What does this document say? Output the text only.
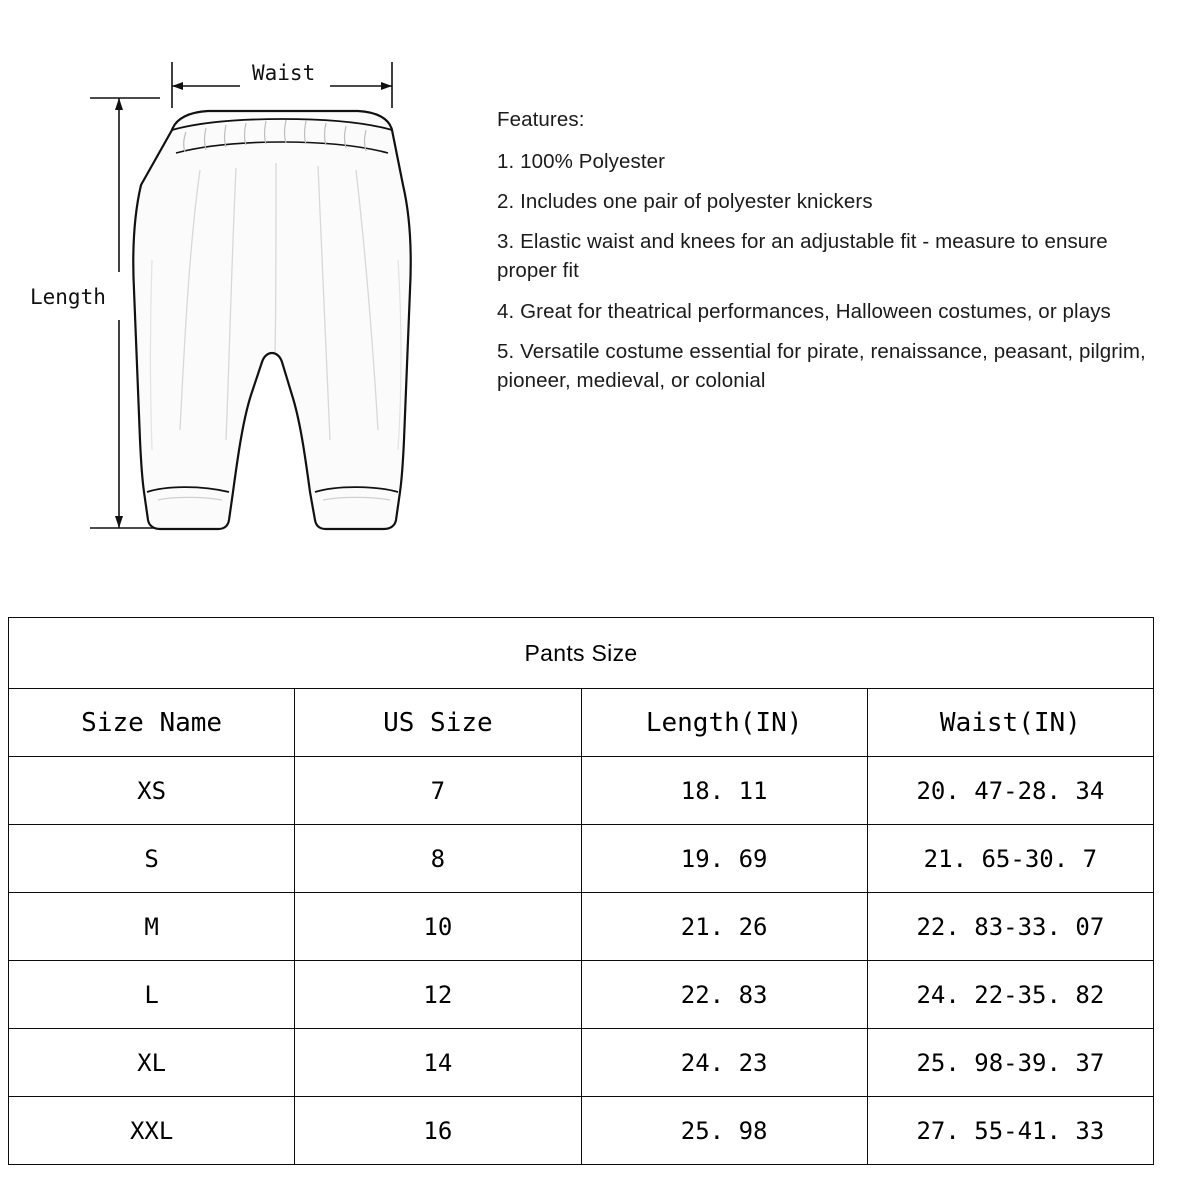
Waist
Length
Features:
1. 100% Polyester
2. Includes one pair of polyester knickers
3. Elastic waist and knees for an adjustable fit - measure to ensure proper fit
4. Great for theatrical performances, Halloween costumes, or plays
5. Versatile costume essential for pirate, renaissance, peasant, pilgrim, pioneer, medieval, or colonial
Pants Size			
Size Name	US Size	Length(IN)	Waist(IN)
XS	7	18. 11	20. 47-28. 34
S	8	19. 69	21. 65-30. 7
M	10	21. 26	22. 83-33. 07
L	12	22. 83	24. 22-35. 82
XL	14	24. 23	25. 98-39. 37
XXL	16	25. 98	27. 55-41. 33
